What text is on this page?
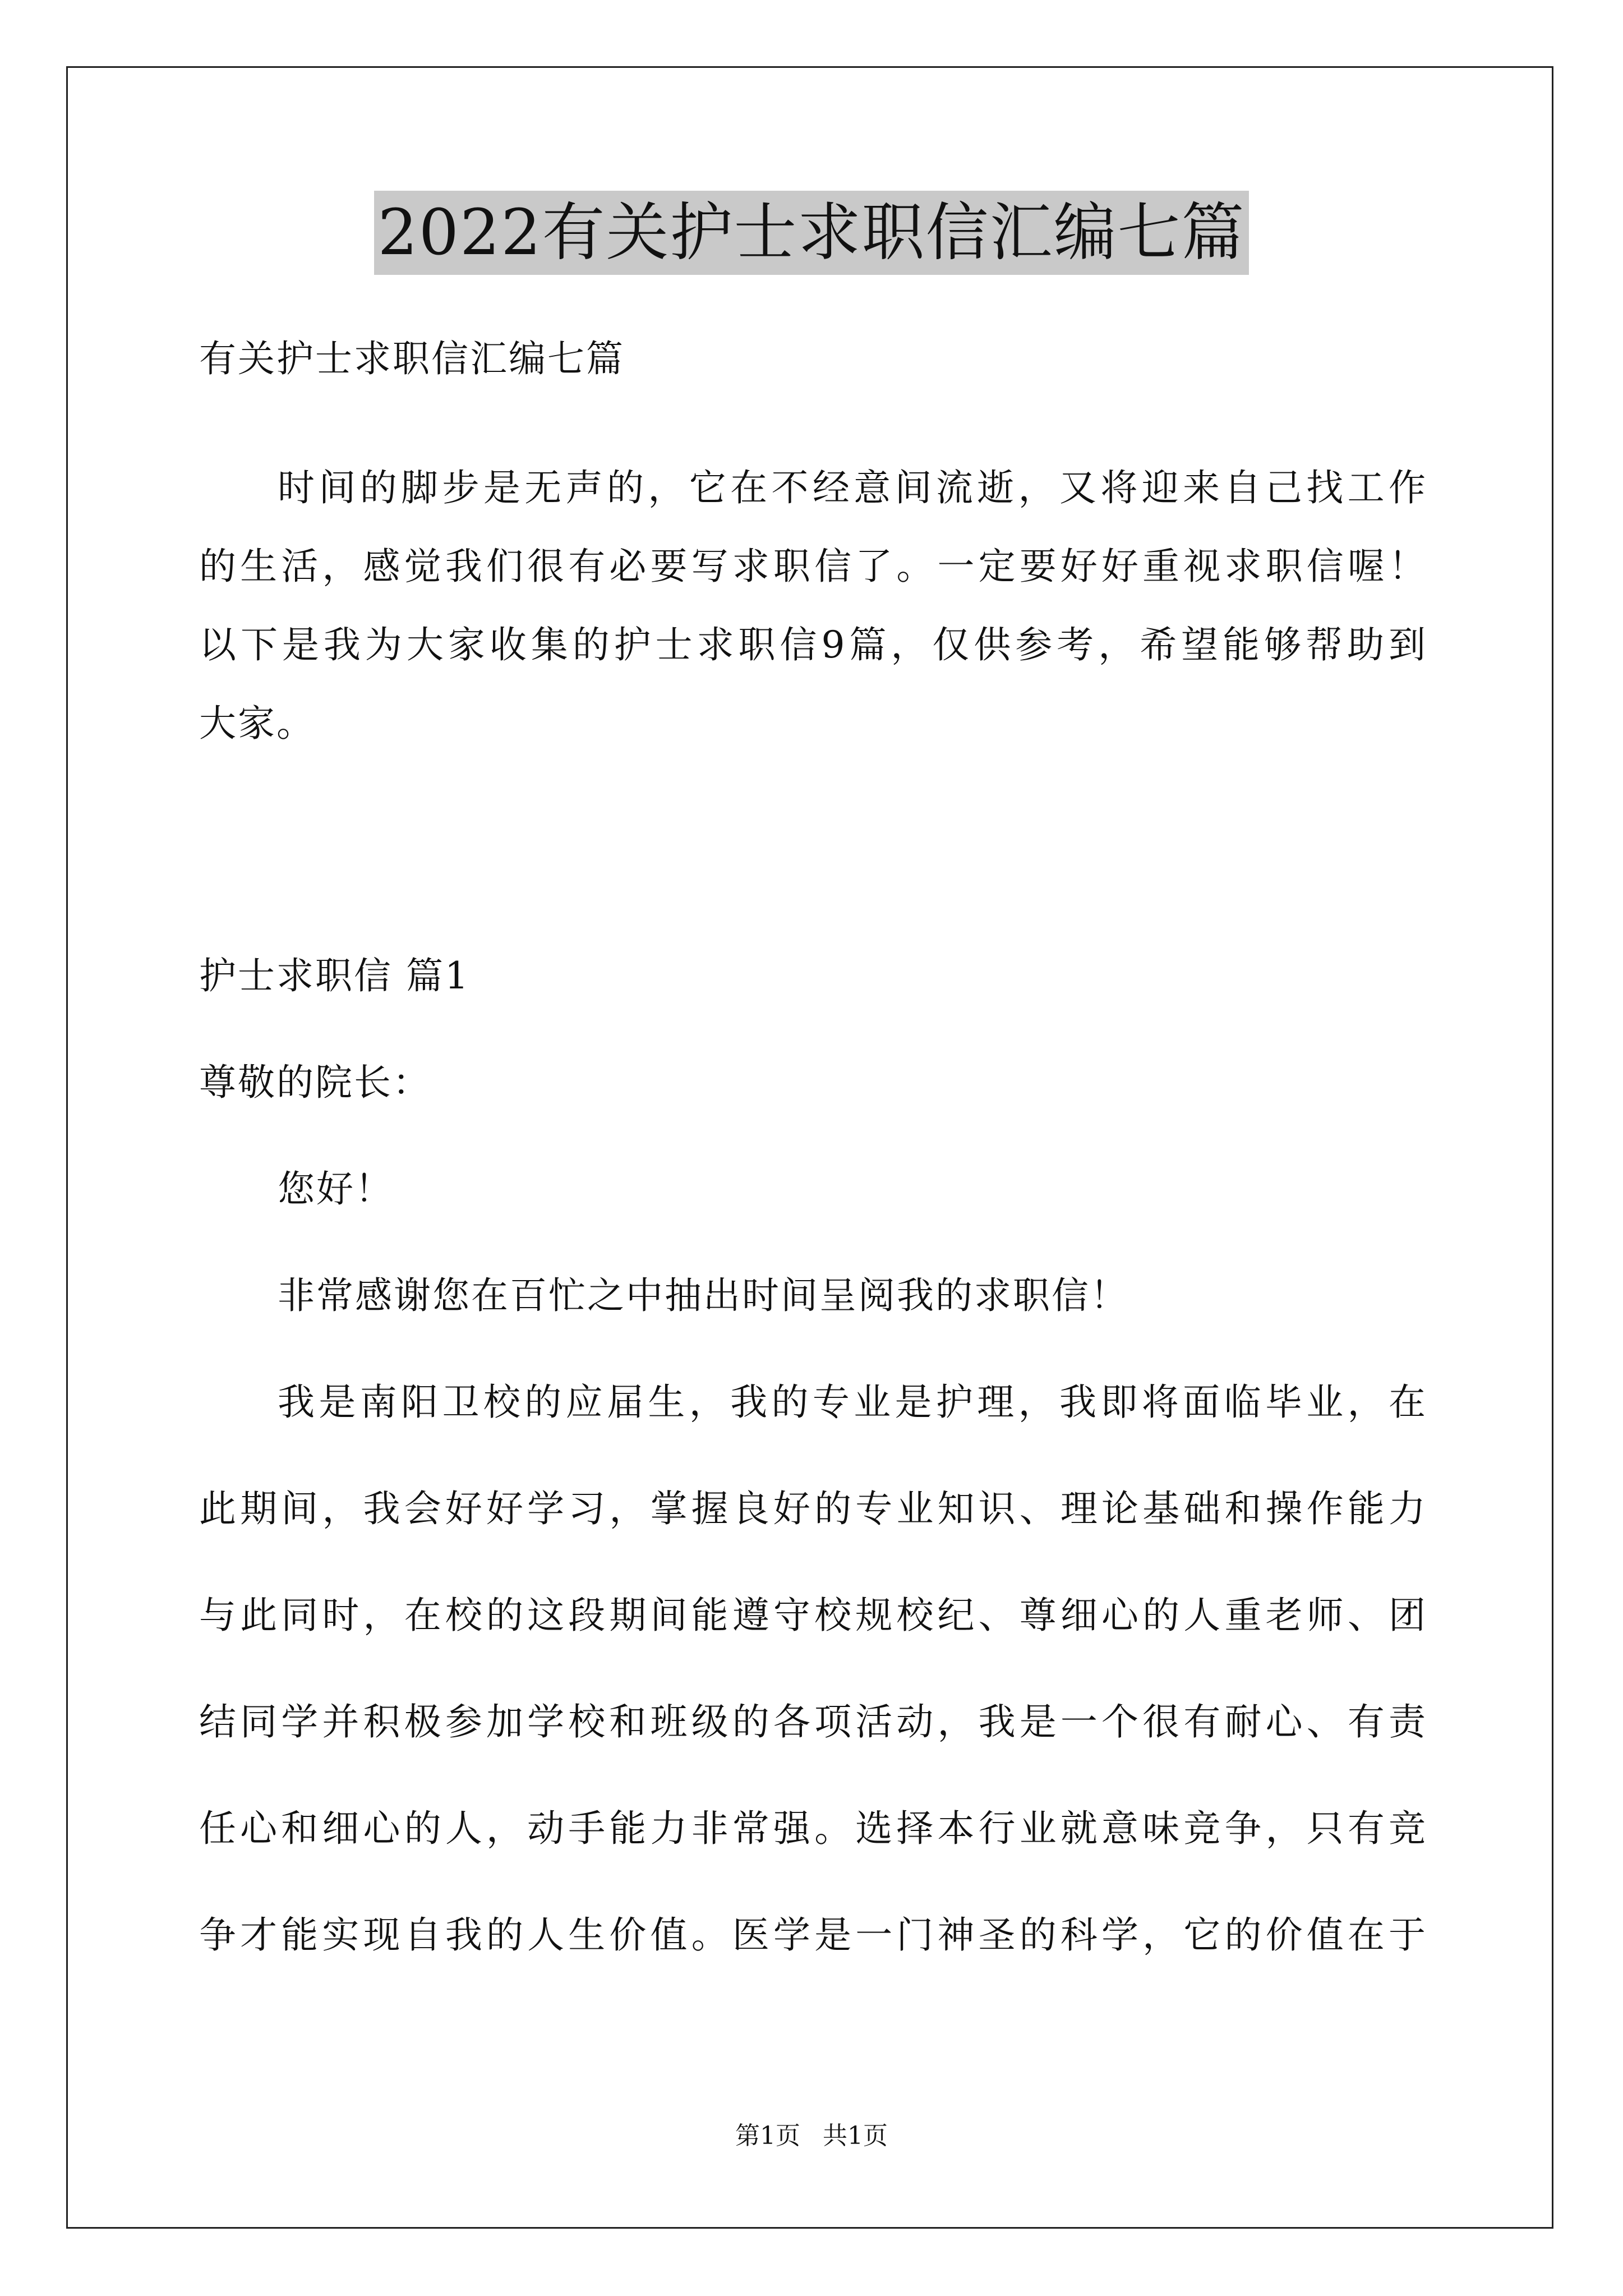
2022有关护士求职信汇编七篇
有关护士求职信汇编七篇
时间的脚步是无声的，它在不经意间流逝，又将迎来自己找工作
的生活，感觉我们很有必要写求职信了。一定要好好重视求职信喔！
以下是我为大家收集的护士求职信9篇，仅供参考，希望能够帮助到
大家。
护士求职信 篇1
尊敬的院长：
您好！
非常感谢您在百忙之中抽出时间呈阅我的求职信！
我是南阳卫校的应届生，我的专业是护理，我即将面临毕业，在
此期间，我会好好学习，掌握良好的专业知识、理论基础和操作能力
与此同时，在校的这段期间能遵守校规校纪、尊细心的人重老师、团
结同学并积极参加学校和班级的各项活动，我是一个很有耐心、有责
任心和细心的人，动手能力非常强。选择本行业就意味竞争，只有竞
争才能实现自我的人生价值。医学是一门神圣的科学，它的价值在于
第1页 共1页
